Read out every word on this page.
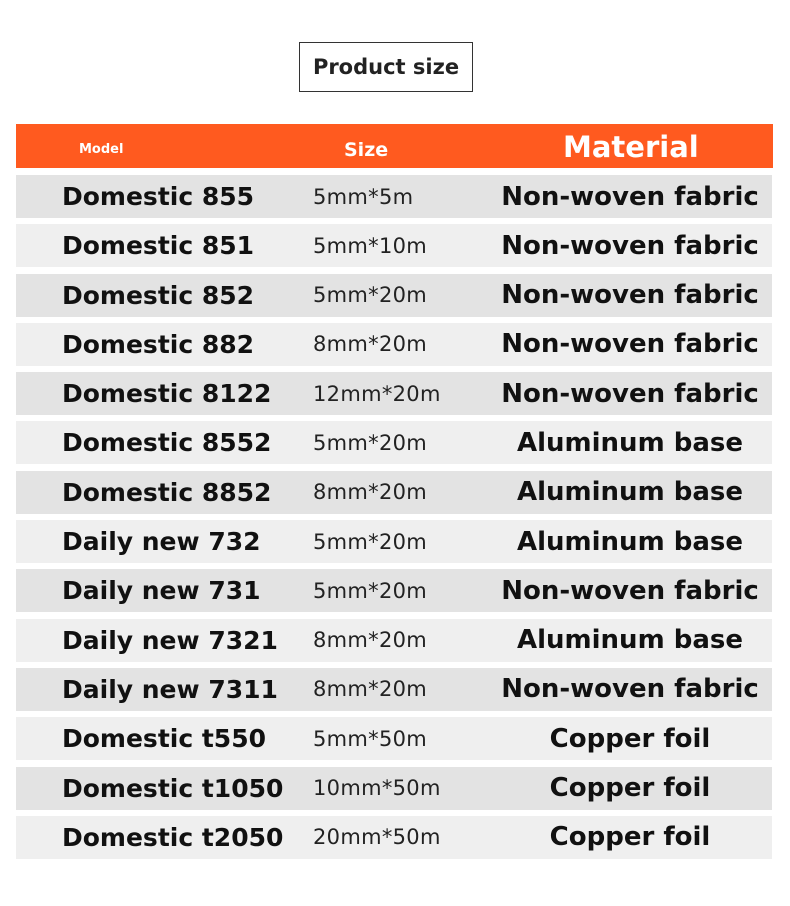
Product size
Model	Size	Material
Domestic 855	5mm*5m	Non-woven fabric
Domestic 851	5mm*10m	Non-woven fabric
Domestic 852	5mm*20m	Non-woven fabric
Domestic 882	8mm*20m	Non-woven fabric
Domestic 8122 12mm*20m	Non-woven fabric
Domestic 8552 5mm*20m	Aluminum base
Domestic 8852 8mm*20m	Aluminum base
Daily new 732	5mm*20m	Aluminum base
Daily new 731	5mm*20m	Non-woven fabric
Daily new 7321 8mm*20m	Aluminum base
Daily new 7311 8mm*20m	Non-woven fabric
Domestic t550 5mm*50m	Copper foil
Domestic t1050 10mm*50m	Copper foil
Domestic t2050 20mm*50m	Copper foil
